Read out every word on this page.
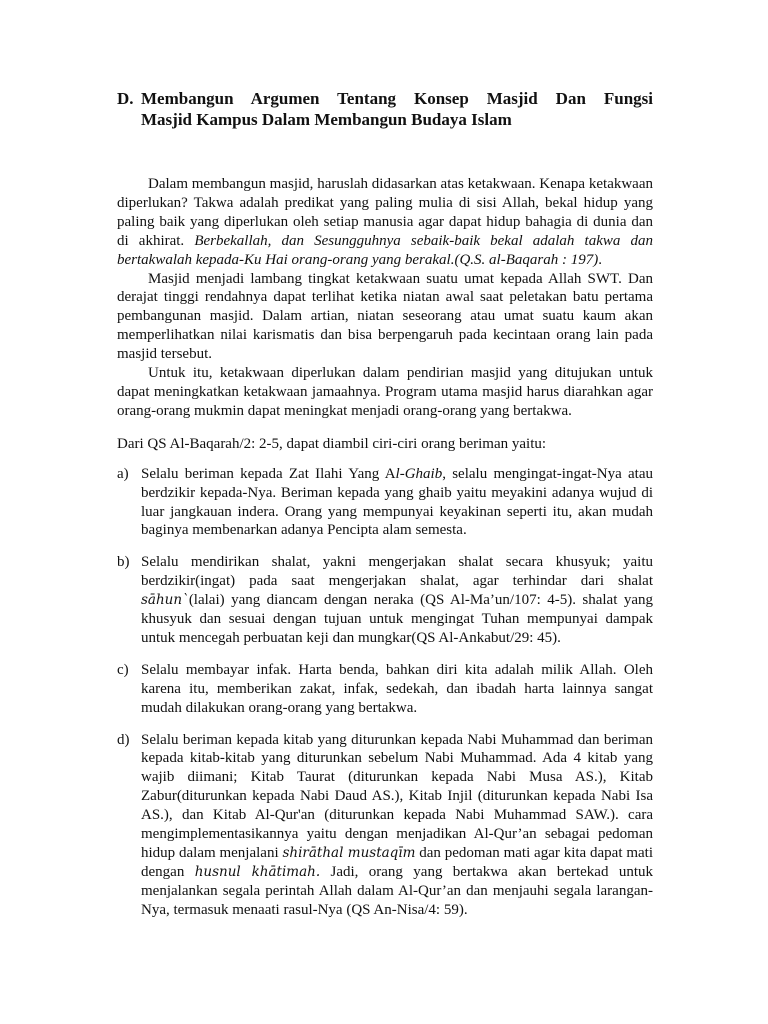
D. Membangun Argumen Tentang Konsep Masjid Dan Fungsi
Masjid Kampus Dalam Membangun Budaya Islam

Dalam membangun masjid, haruslah didasarkan atas ketakwaan. Kenapa ketakwaan diperlukan? Takwa adalah predikat yang paling mulia di sisi Allah, bekal hidup yang paling baik yang diperlukan oleh setiap manusia agar dapat hidup bahagia di dunia dan di akhirat. Berbekallah, dan Sesungguhnya sebaik-baik bekal adalah takwa dan bertakwalah kepada-Ku Hai orang-orang yang berakal.(Q.S. al-Baqarah : 197).

Masjid menjadi lambang tingkat ketakwaan suatu umat kepada Allah SWT. Dan derajat tinggi rendahnya dapat terlihat ketika niatan awal saat peletakan batu pertama pembangunan masjid. Dalam artian, niatan seseorang atau umat suatu kaum akan memperlihatkan nilai karismatis dan bisa berpengaruh pada kecintaan orang lain pada masjid tersebut.

Untuk itu, ketakwaan diperlukan dalam pendirian masjid yang ditujukan untuk dapat meningkatkan ketakwaan jamaahnya. Program utama masjid harus diarahkan agar orang-orang mukmin dapat meningkat menjadi orang-orang yang bertakwa.

Dari QS Al-Baqarah/2: 2-5, dapat diambil ciri-ciri orang beriman yaitu:

a) Selalu beriman kepada Zat Ilahi Yang Al-Ghaib, selalu mengingat-ingat-Nya atau berdzikir kepada-Nya. Beriman kepada yang ghaib yaitu meyakini adanya wujud di luar jangkauan indera. Orang yang mempunyai keyakinan seperti itu, akan mudah baginya membenarkan adanya Pencipta alam semesta.
b) Selalu mendirikan shalat, yakni mengerjakan shalat secara khusyuk; yaitu berdzikir(ingat) pada saat mengerjakan shalat, agar terhindar dari shalat sāhun`(lalai) yang diancam dengan neraka (QS Al-Ma’un/107: 4-5). shalat yang khusyuk dan sesuai dengan tujuan untuk mengingat Tuhan mempunyai dampak untuk mencegah perbuatan keji dan mungkar(QS Al-Ankabut/29: 45).
c) Selalu membayar infak. Harta benda, bahkan diri kita adalah milik Allah. Oleh karena itu, memberikan zakat, infak, sedekah, dan ibadah harta lainnya sangat mudah dilakukan orang-orang yang bertakwa.
d) Selalu beriman kepada kitab yang diturunkan kepada Nabi Muhammad dan beriman kepada kitab-kitab yang diturunkan sebelum Nabi Muhammad. Ada 4 kitab yang wajib diimani; Kitab Taurat (diturunkan kepada Nabi Musa AS.), Kitab Zabur(diturunkan kepada Nabi Daud AS.), Kitab Injil (diturunkan kepada Nabi Isa AS.), dan Kitab Al-Qur'an (diturunkan kepada Nabi Muhammad SAW.). cara mengimplementasikannya yaitu dengan menjadikan Al-Qur’an sebagai pedoman hidup dalam menjalani shirāthal mustaqīm dan pedoman mati agar kita dapat mati dengan husnul khātimah. Jadi, orang yang bertakwa akan bertekad untuk menjalankan segala perintah Allah dalam Al-Qur’an dan menjauhi segala larangan-Nya, termasuk menaati rasul-Nya (QS An-Nisa/4: 59).
